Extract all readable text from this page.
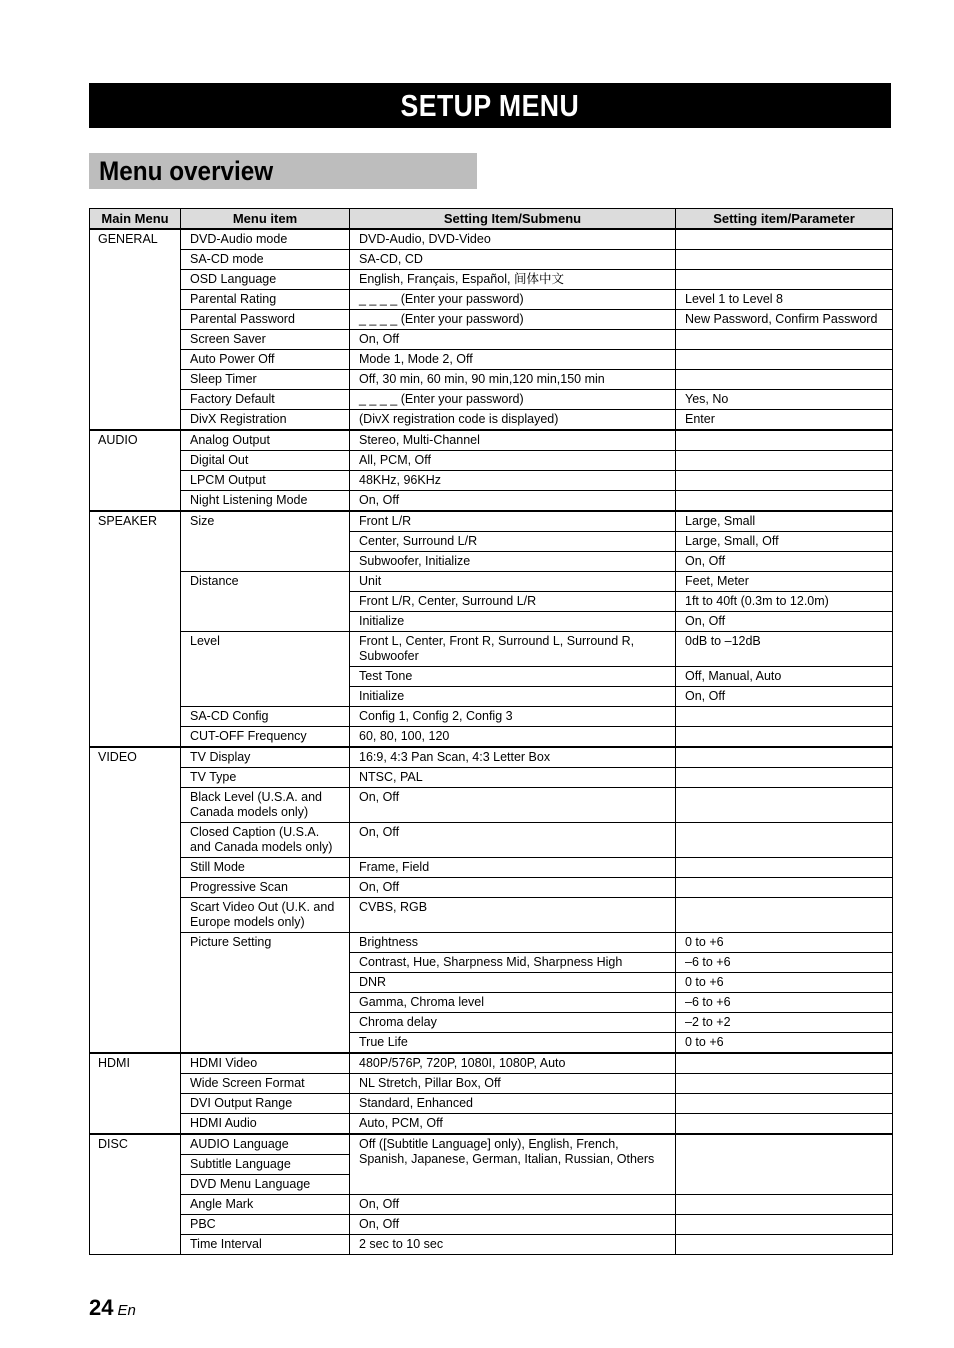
SETUP MENU
Menu overview
Main Menu	Menu item	Setting Item/Submenu	Setting item/Parameter
GENERAL	DVD-Audio mode	DVD-Audio, DVD-Video	
	SA-CD mode	SA-CD, CD	
	OSD Language	English, Français, Español, 间体中文	
	Parental Rating	_ _ _ _ (Enter your password)	Level 1 to Level 8
	Parental Password	_ _ _ _ (Enter your password)	New Password, Confirm Password
	Screen Saver	On, Off	
	Auto Power Off	Mode 1, Mode 2, Off	
	Sleep Timer	Off, 30 min, 60 min, 90 min,120 min,150 min	
	Factory Default	_ _ _ _ (Enter your password)	Yes, No
	DivX Registration	(DivX registration code is displayed)	Enter
AUDIO	Analog Output	Stereo, Multi-Channel	
	Digital Out	All, PCM, Off	
	LPCM Output	48KHz, 96KHz	
	Night Listening Mode	On, Off	
SPEAKER	Size	Front L/R	Large, Small
		Center, Surround L/R	Large, Small, Off
		Subwoofer, Initialize	On, Off
	Distance	Unit	Feet, Meter
		Front L/R, Center, Surround L/R	1ft to 40ft (0.3m to 12.0m)
		Initialize	On, Off
	Level	Front L, Center, Front R, Surround L, Surround R, Subwoofer	0dB to –12dB
		Test Tone	Off, Manual, Auto
		Initialize	On, Off
	SA-CD Config	Config 1, Config 2, Config 3	
	CUT-OFF Frequency	60, 80, 100, 120	
VIDEO	TV Display	16:9, 4:3 Pan Scan, 4:3 Letter Box	
	TV Type	NTSC, PAL	
	Black Level (U.S.A. and Canada models only)	On, Off	
	Closed Caption (U.S.A. and Canada models only)	On, Off	
	Still Mode	Frame, Field	
	Progressive Scan	On, Off	
	Scart Video Out (U.K. and Europe models only)	CVBS, RGB	
	Picture Setting	Brightness	0 to +6
		Contrast, Hue, Sharpness Mid, Sharpness High	–6 to +6
		DNR	0 to +6
		Gamma, Chroma level	–6 to +6
		Chroma delay	–2 to +2
		True Life	0 to +6
HDMI	HDMI Video	480P/576P, 720P, 1080I, 1080P, Auto	
	Wide Screen Format	NL Stretch, Pillar Box, Off	
	DVI Output Range	Standard, Enhanced	
	HDMI Audio	Auto, PCM, Off	
DISC	AUDIO Language	Off ([Subtitle Language] only), English, French, Spanish, Japanese, German, Italian, Russian, Others	
	Subtitle Language		
	DVD Menu Language		
	Angle Mark	On, Off	
	PBC	On, Off	
	Time Interval	2 sec to 10 sec	
24 En
